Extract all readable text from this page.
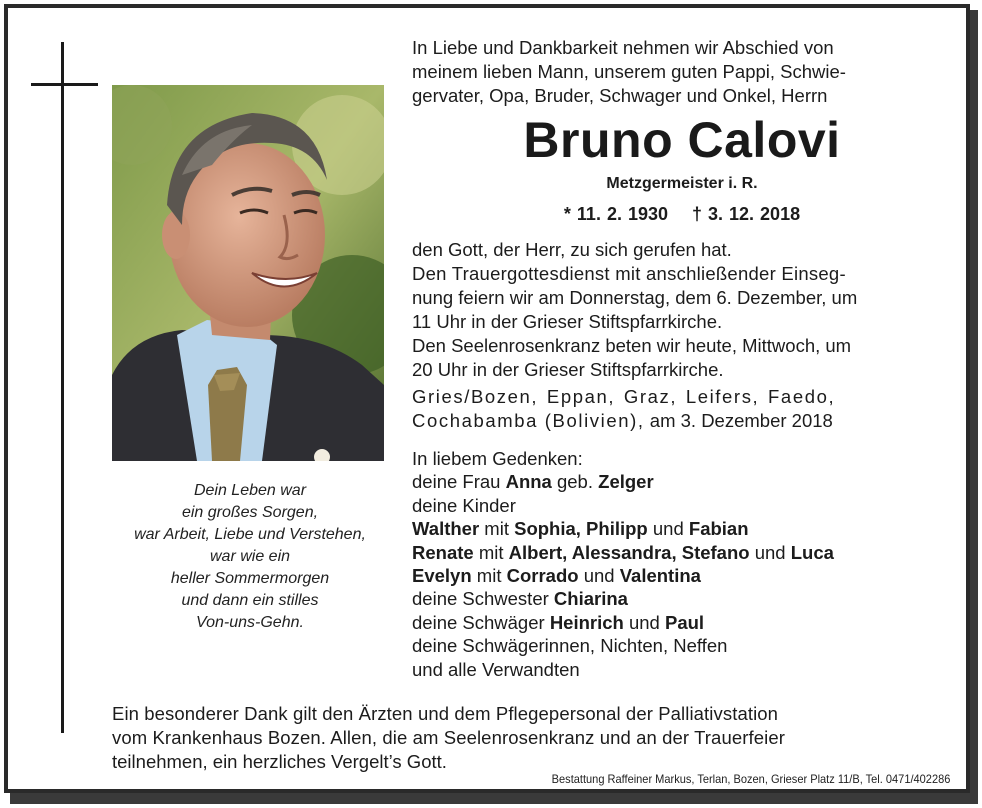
Dein Leben war
ein großes Sorgen,
war Arbeit, Liebe und Verstehen,
war wie ein
heller Sommermorgen
und dann ein stilles
Von-uns-Gehn.
In Liebe und Dankbarkeit nehmen wir Abschied von
meinem lieben Mann, unserem guten Pappi, Schwie-
gervater, Opa, Bruder, Schwager und Onkel, Herrn
Bruno Calovi
Metzgermeister i. R.
* 11. 2. 1930 † 3. 12. 2018
den Gott, der Herr, zu sich gerufen hat.
Den Trauergottesdienst mit anschließender Einseg-
nung feiern wir am Donnerstag, dem 6. Dezember, um
11 Uhr in der Grieser Stiftspfarrkirche.
Den Seelenrosenkranz beten wir heute, Mittwoch, um
20 Uhr in der Grieser Stiftspfarrkirche.
Gries/Bozen, Eppan, Graz, Leifers, Faedo,
Cochabamba (Bolivien), am 3. Dezember 2018
In liebem Gedenken:
deine Frau Anna geb. Zelger
deine Kinder
Walther mit Sophia, Philipp und Fabian
Renate mit Albert, Alessandra, Stefano und Luca
Evelyn mit Corrado und Valentina
deine Schwester Chiarina
deine Schwäger Heinrich und Paul
deine Schwägerinnen, Nichten, Neffen
und alle Verwandten
Ein besonderer Dank gilt den Ärzten und dem Pflegepersonal der Palliativstation
vom Krankenhaus Bozen. Allen, die am Seelenrosenkranz und an der Trauerfeier
teilnehmen, ein herzliches Vergelt’s Gott.
Bestattung Raffeiner Markus, Terlan, Bozen, Grieser Platz 11/B, Tel. 0471/402286
